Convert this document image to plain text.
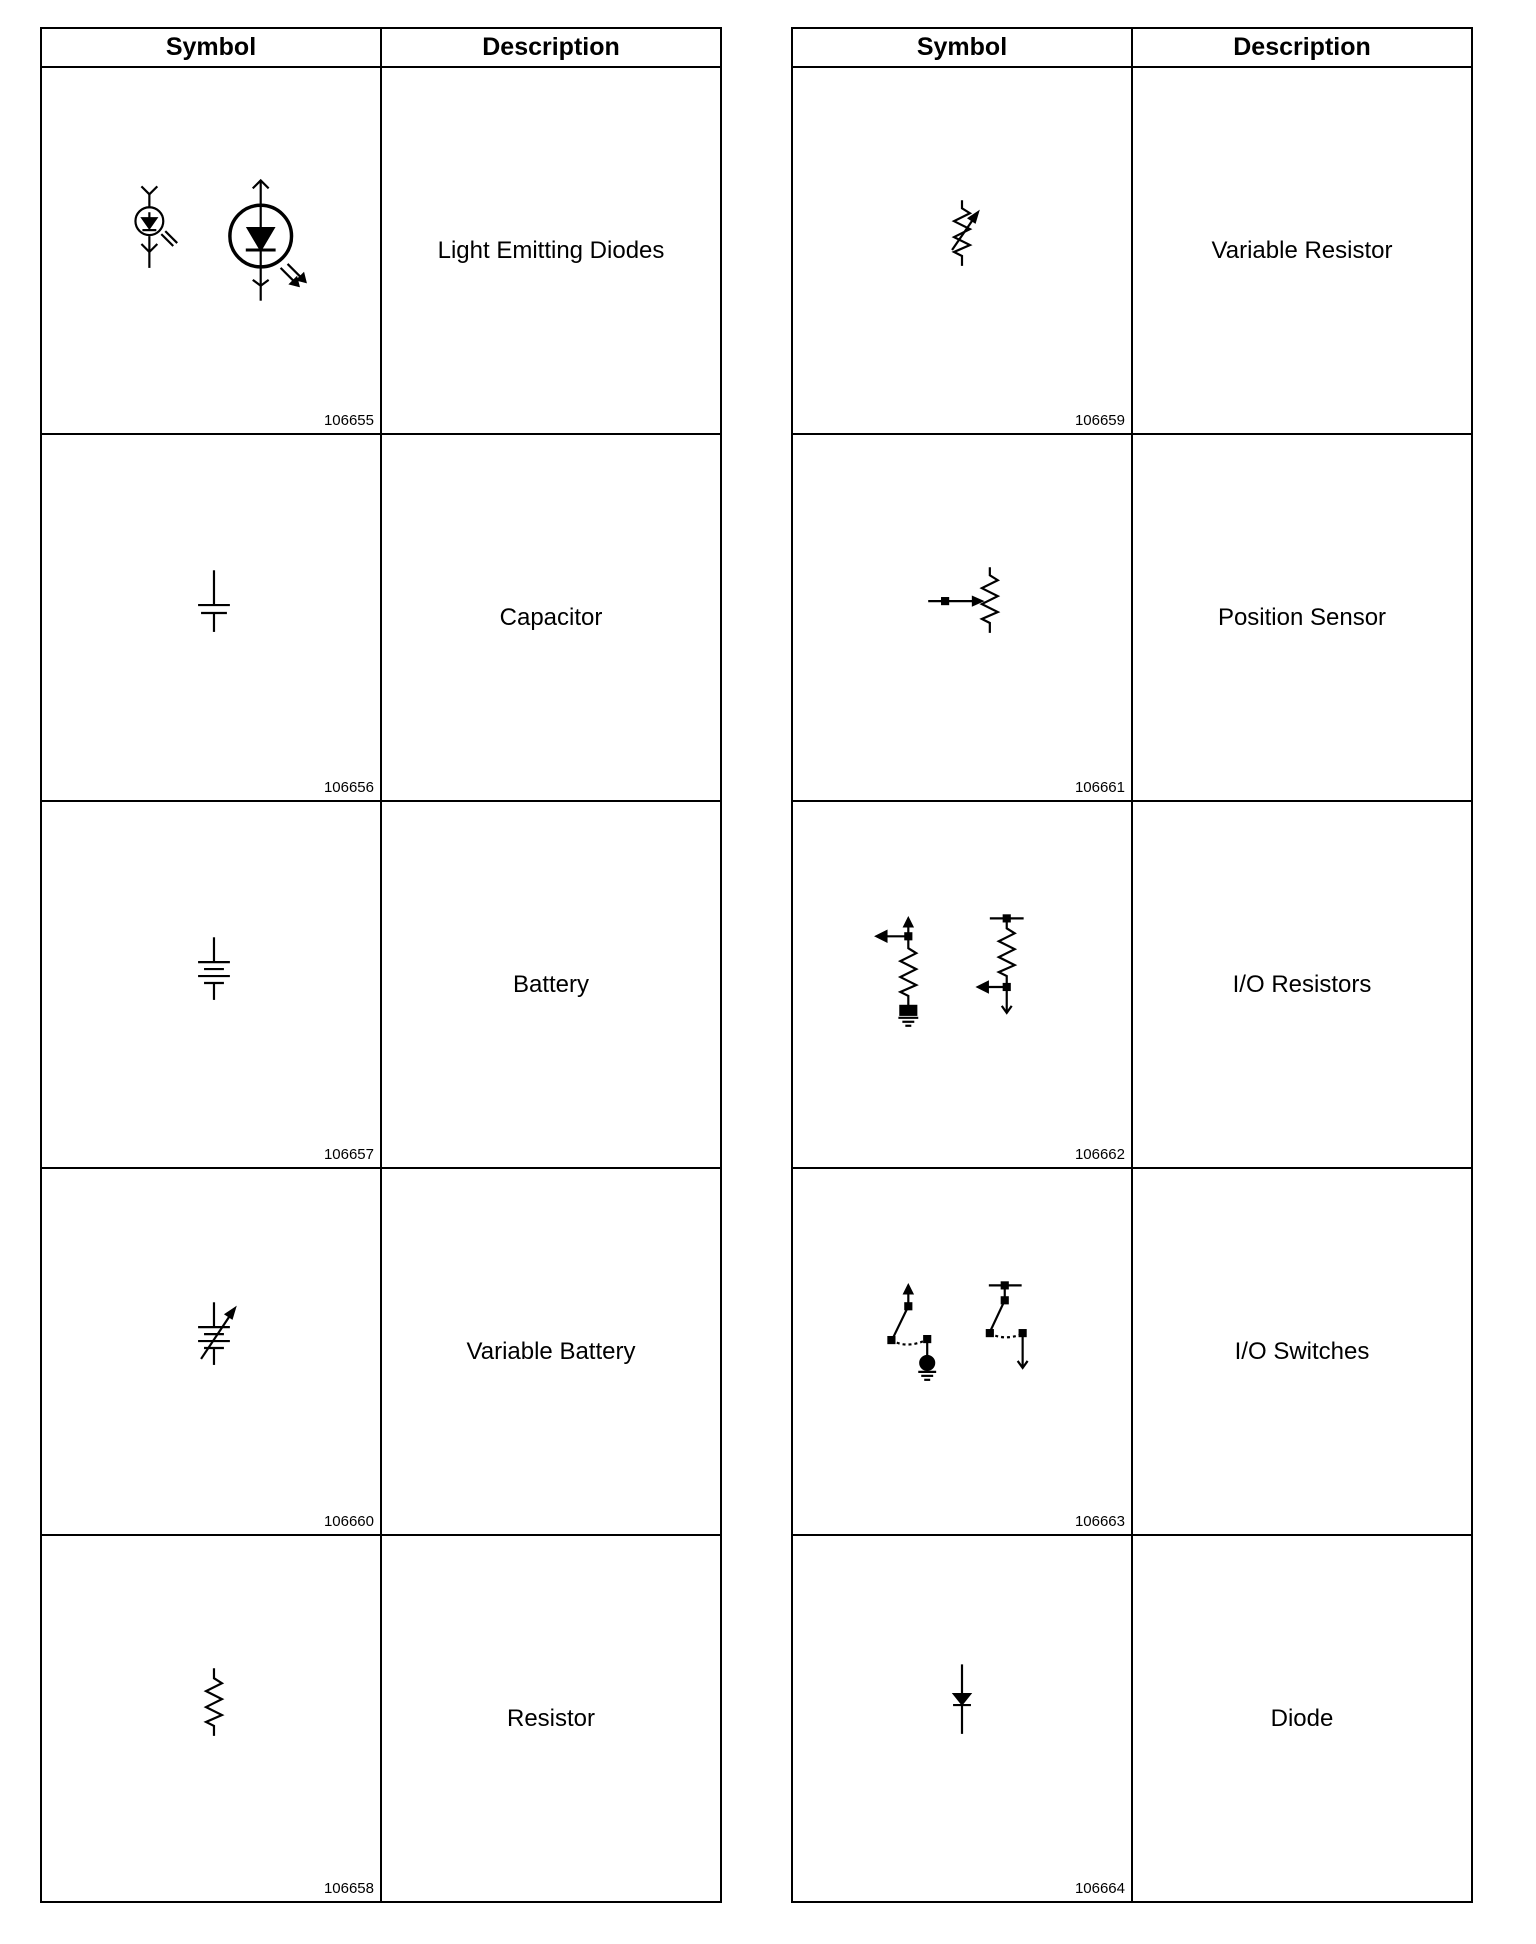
Symbol	Description

106655	Light Emitting Diodes

106656	Capacitor

106657	Battery

106660	Variable Battery

106658	Resistor
Symbol	Description

106659	Variable Resistor

106661	Position Sensor

106662	I/O Resistors

106663	I/O Switches

106664	Diode
